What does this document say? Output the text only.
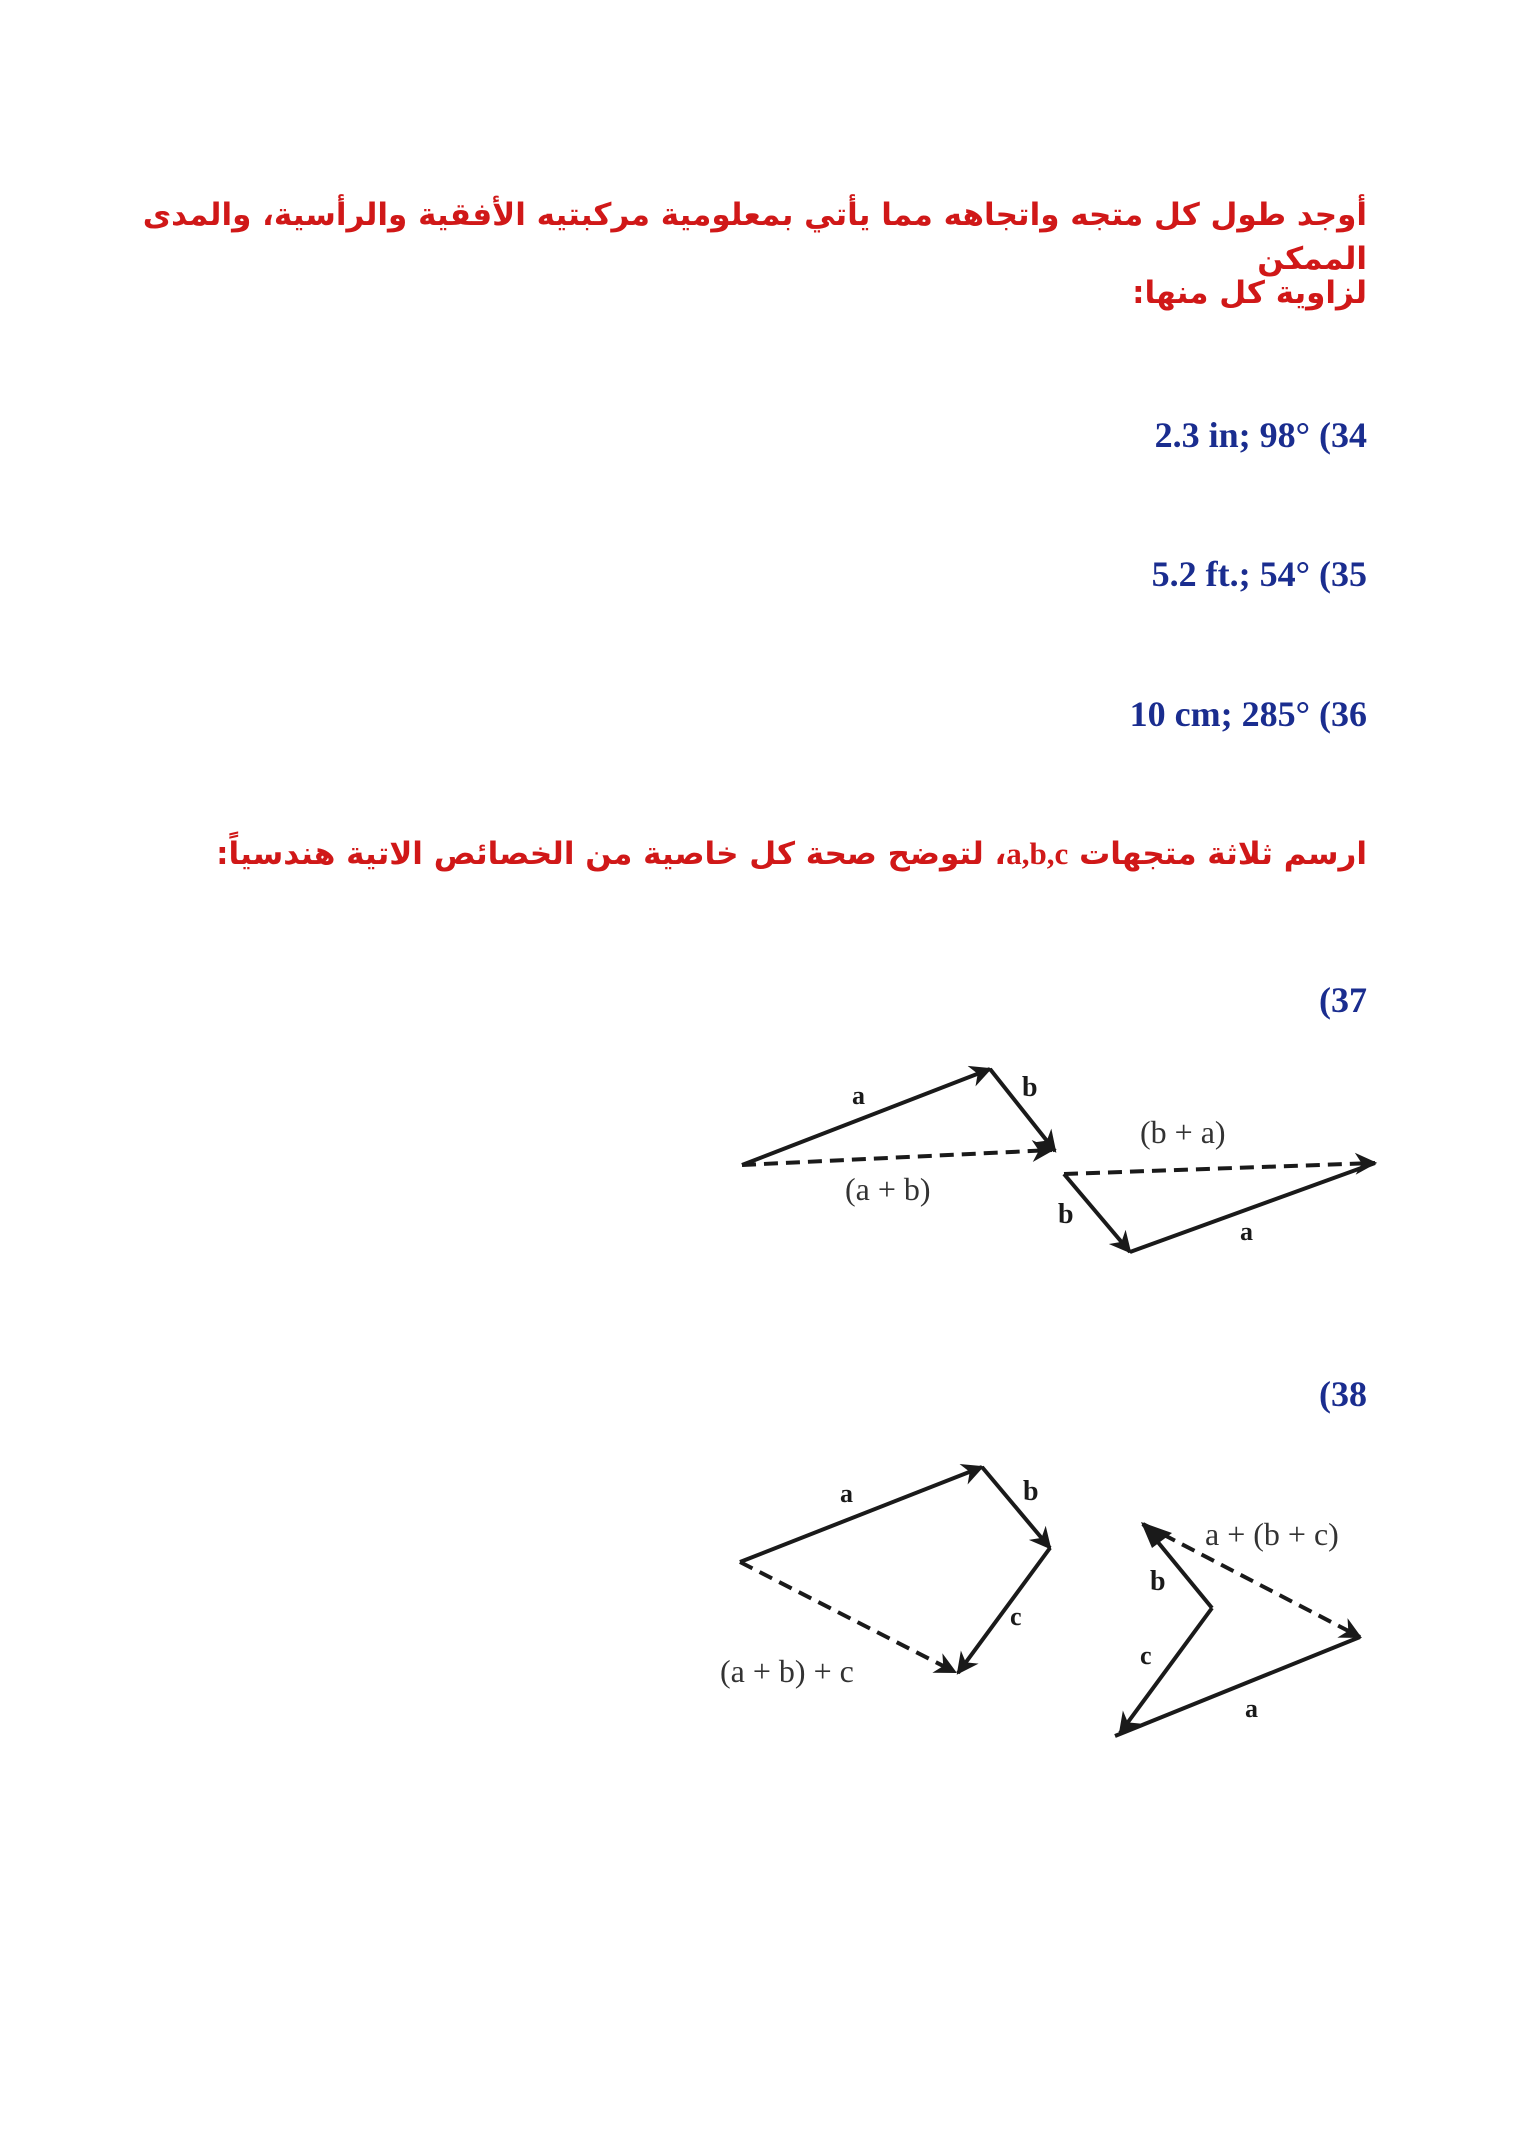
أوجد طول كل متجه واتجاهه مما يأتي بمعلومية مركبتيه الأفقية والرأسية، والمدى الممكن
لزاوية كل منها:
2.3 in; 98° (34
5.2 ft.; 54° (35
10 cm; 285° (36
ارسم ثلاثة متجهات a,b,c، لتوضح صحة كل خاصية من الخصائص الاتية هندسياً:
(37
a	b
(a + b)
(b + a)
b
a
a	b
c
(a + b) + c
a + (b + c)
b
c
a
(38
